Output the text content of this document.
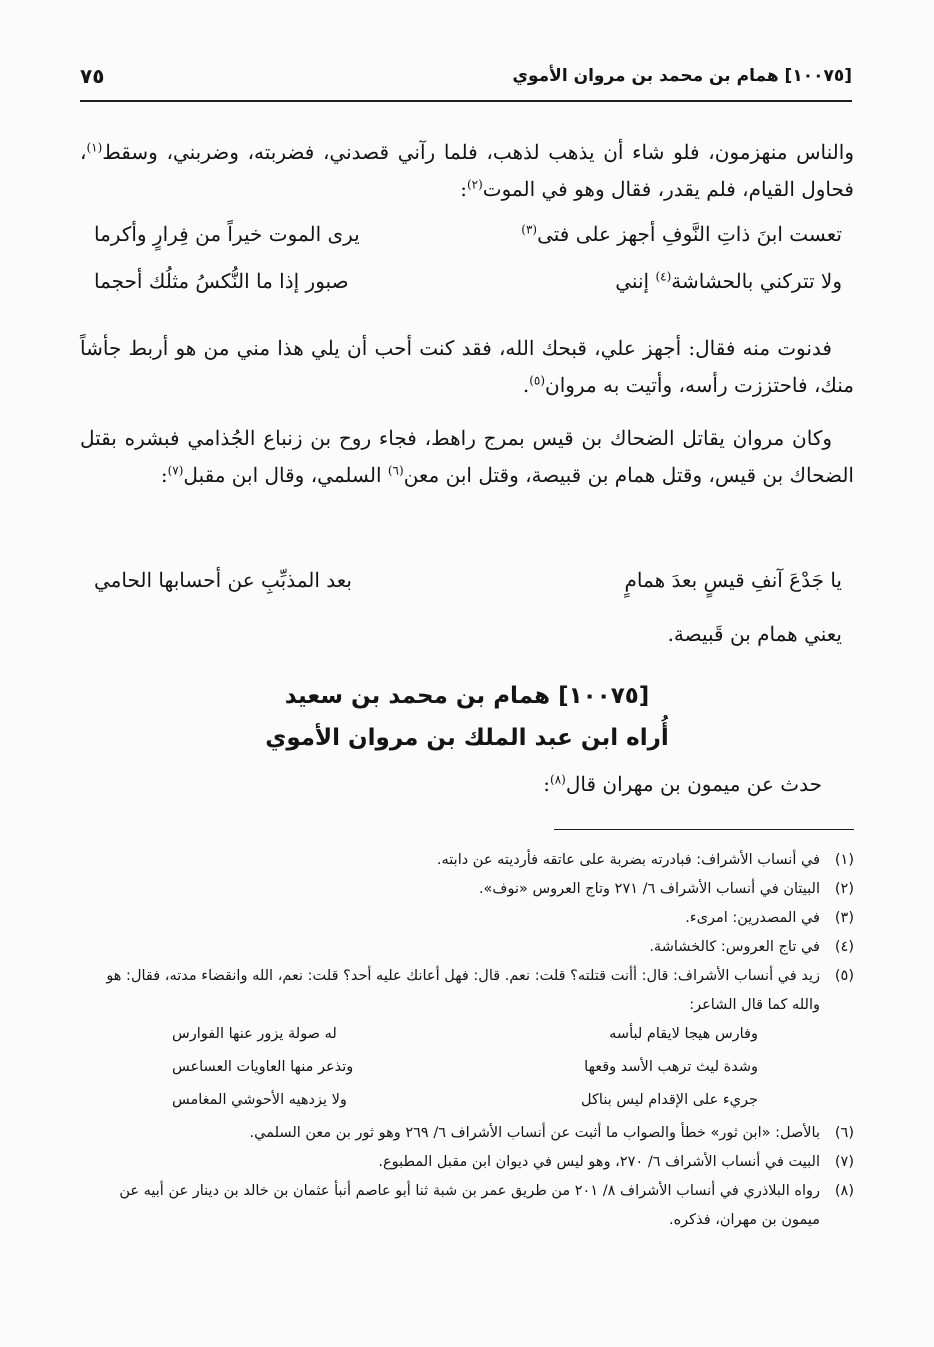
[١٠٠٧٥] همام بن محمد بن مروان الأموي
٧٥
والناس منهزمون، فلو شاء أن يذهب لذهب، فلما رآني قصدني، فضربته، وضربني، وسقط$^{(١)}$، فحاول القيام، فلم يقدر، فقال وهو في الموت$^{(٢)}$:
تعست ابنَ ذاتِ النَّوفِ أجهز على فتى$^{(٣)}$
يرى الموت خيراً من فِرارٍ وأكرما
ولا تتركني بالحشاشة$^{(٤)}$ إنني
صبور إذا ما النُّكسُ مثلُك أحجما
فدنوت منه فقال: أجهز علي، قبحك الله، فقد كنت أحب أن يلي هذا مني من هو أربط جأشاً منك، فاحتززت رأسه، وأتيت به مروان$^{(٥)}$.
وكان مروان يقاتل الضحاك بن قيس بمرج راهط، فجاء روح بن زنباع الجُذامي فبشره بقتل الضحاك بن قيس، وقتل همام بن قبيصة، وقتل ابن معن$^{(٦)}$ السلمي، وقال ابن مقبل$^{(٧)}$:
يا جَدْعَ آنفِ قيسٍ بعدَ همامٍ
بعد المذبِّبِ عن أحسابها الحامي
يعني همام بن قَبيصة.
[١٠٠٧٥] همام بن محمد بن سعيد
أُراه ابن عبد الملك بن مروان الأموي
حدث عن ميمون بن مهران قال$^{(٨)}$:
(١)
في أنساب الأشراف: فبادرته بضربة على عاتقه فأرديته عن دابته.
(٢)
البيتان في أنساب الأشراف ٦/ ٢٧١ وتاج العروس «نوف».
(٣)
في المصدرين: امرىء.
(٤)
في تاج العروس: كالخشاشة.
(٥)
زيد في أنساب الأشراف: قال: أأنت قتلته؟ قلت: نعم. قال: فهل أعانك عليه أحد؟ قلت: نعم، الله وانقضاء مدته، فقال: هو والله كما قال الشاعر:
وفارس هيجا لايقام لبأسه
له صولة يزور عنها الفوارس
وشدة ليث ترهب الأسد وقعها
وتذعر منها العاويات العساعس
جريء على الإقدام ليس بناكل
ولا يزدهيه الأحوشي المغامس
(٦)
بالأصل: «ابن ثور» خطأ والصواب ما أثبت عن أنساب الأشراف ٦/ ٢٦٩ وهو ثور بن معن السلمي.
(٧)
البيت في أنساب الأشراف ٦/ ٢٧٠، وهو ليس في ديوان ابن مقبل المطبوع.
(٨)
رواه البلاذري في أنساب الأشراف ٨/ ٢٠١ من طريق عمر بن شبة ثنا أبو عاصم أنبأ عثمان بن خالد بن دينار عن أبيه عن ميمون بن مهران، فذكره.
